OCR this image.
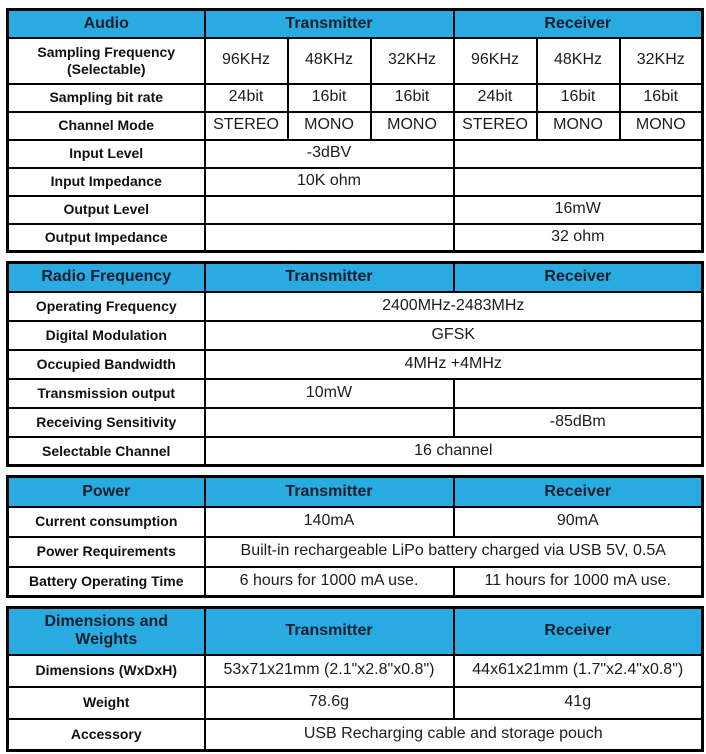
Audio	Transmitter			Receiver		
Sampling Frequency (Selectable)	96KHz	48KHz	32KHz	96KHz	48KHz	32KHz
Sampling bit rate	24bit	16bit	16bit	24bit	16bit	16bit
Channel Mode	STEREO	MONO	MONO	STEREO	MONO	MONO
Input Level	-3dBV					
Input Impedance	10K ohm					
Output Level				16mW		
Output Impedance				32 ohm		
Radio Frequency	Transmitter	Receiver
Operating Frequency	2400MHz-2483MHz	
Digital Modulation	GFSK	
Occupied Bandwidth	4MHz +4MHz	
Transmission output	10mW	
Receiving Sensitivity		-85dBm
Selectable Channel	16 channel	
Power	Transmitter	Receiver
Current consumption	140mA	90mA
Power Requirements	Built-in rechargeable LiPo battery charged via USB 5V, 0.5A	
Battery Operating Time	6 hours for 1000 mA use.	11 hours for 1000 mA use.
Dimensions and Weights	Transmitter	Receiver
Dimensions (WxDxH)	53x71x21mm (2.1"x2.8"x0.8")	44x61x21mm (1.7"x2.4"x0.8")
Weight	78.6g	41g
Accessory	USB Recharging cable and storage pouch	
